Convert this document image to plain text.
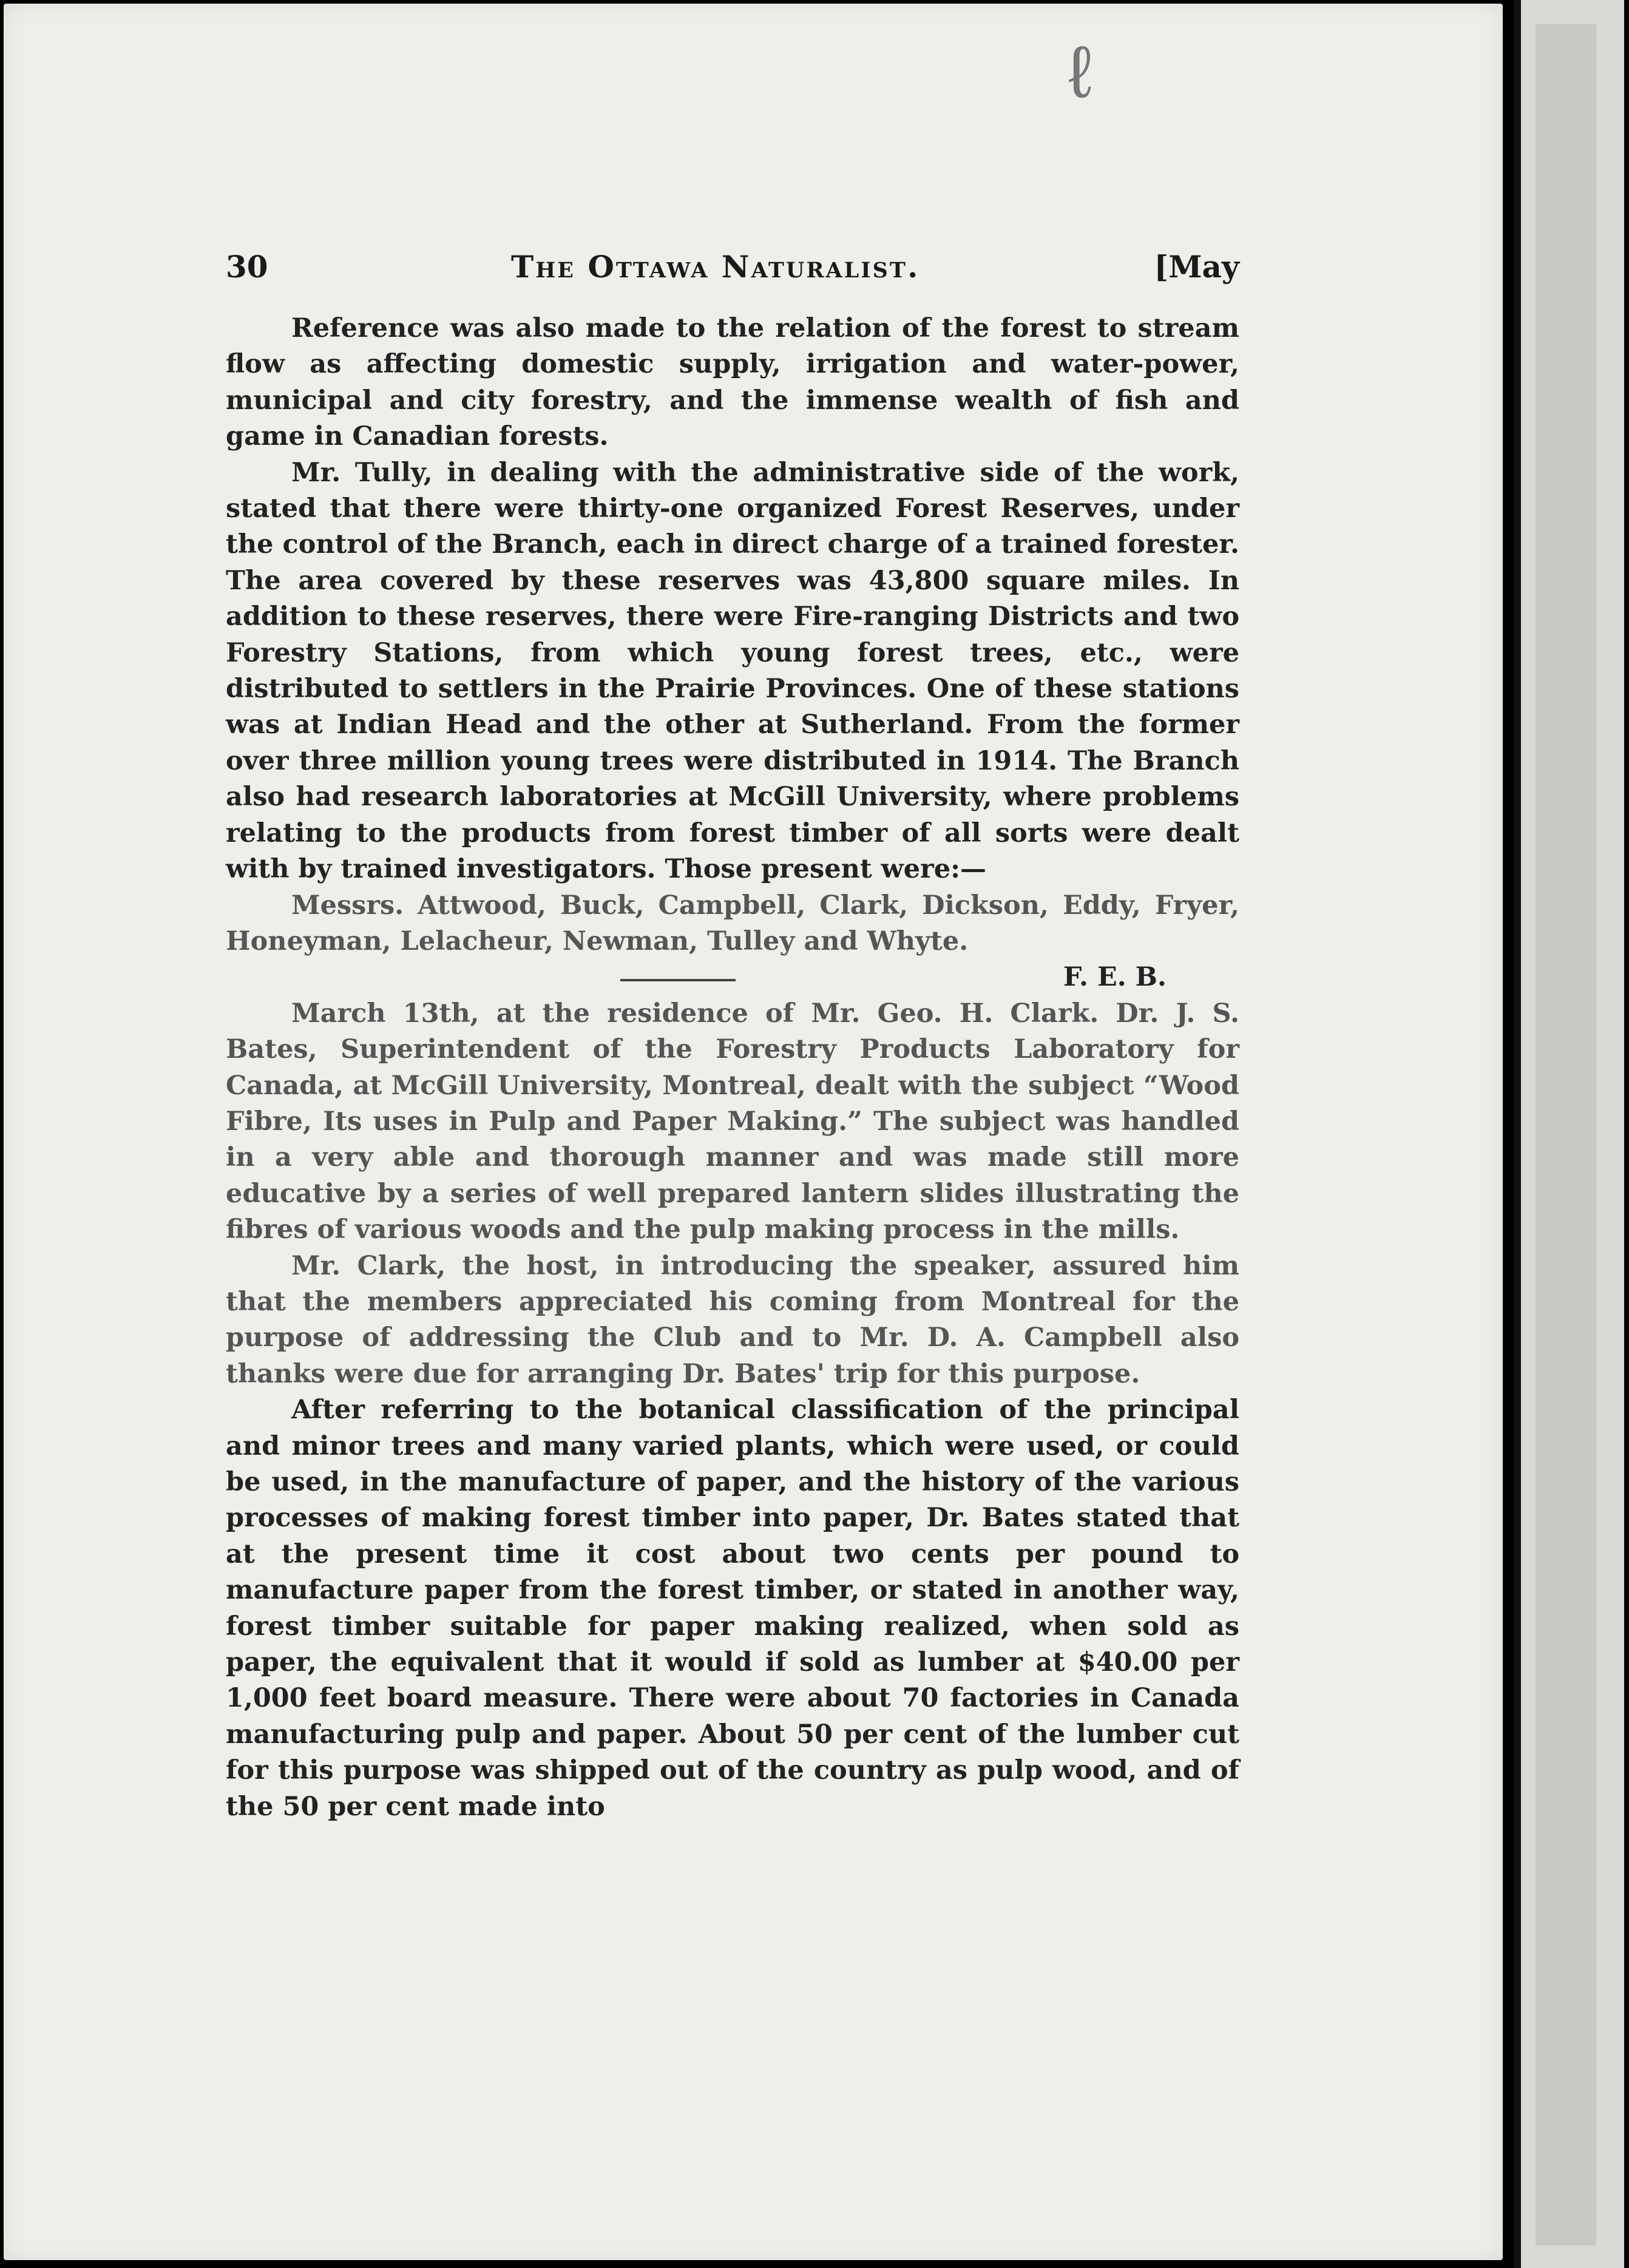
ℓ
30	The Ottawa Naturalist.	[May

Reference was also made to the relation of the forest to stream flow as affecting domestic supply, irrigation and water-power, municipal and city forestry, and the immense wealth of fish and game in Canadian forests.

Mr. Tully, in dealing with the administrative side of the work, stated that there were thirty-one organized Forest Reserves, under the control of the Branch, each in direct charge of a trained forester. The area covered by these reserves was 43,800 square miles. In addition to these reserves, there were Fire-ranging Districts and two Forestry Stations, from which young forest trees, etc., were distributed to settlers in the Prairie Provinces. One of these stations was at Indian Head and the other at Sutherland. From the former over three million young trees were distributed in 1914. The Branch also had research laboratories at McGill University, where problems relating to the products from forest timber of all sorts were dealt with by trained investigators. Those present were:—

Messrs. Attwood, Buck, Campbell, Clark, Dickson, Eddy, Fryer, Honeyman, Lelacheur, Newman, Tulley and Whyte.

F. E. B.

March 13th, at the residence of Mr. Geo. H. Clark. Dr. J. S. Bates, Superintendent of the Forestry Products Laboratory for Canada, at McGill University, Montreal, dealt with the subject “Wood Fibre, Its uses in Pulp and Paper Making.” The subject was handled in a very able and thorough manner and was made still more educative by a series of well prepared lantern slides illustrating the fibres of various woods and the pulp making process in the mills.

Mr. Clark, the host, in introducing the speaker, assured him that the members appreciated his coming from Montreal for the purpose of addressing the Club and to Mr. D. A. Campbell also thanks were due for arranging Dr. Bates' trip for this purpose.

After referring to the botanical classification of the principal and minor trees and many varied plants, which were used, or could be used, in the manufacture of paper, and the history of the various processes of making forest timber into paper, Dr. Bates stated that at the present time it cost about two cents per pound to manufacture paper from the forest timber, or stated in another way, forest timber suitable for paper making realized, when sold as paper, the equivalent that it would if sold as lumber at $40.00 per 1,000 feet board measure. There were about 70 factories in Canada manufacturing pulp and paper. About 50 per cent of the lumber cut for this purpose was shipped out of the country as pulp wood, and of the 50 per cent made into
